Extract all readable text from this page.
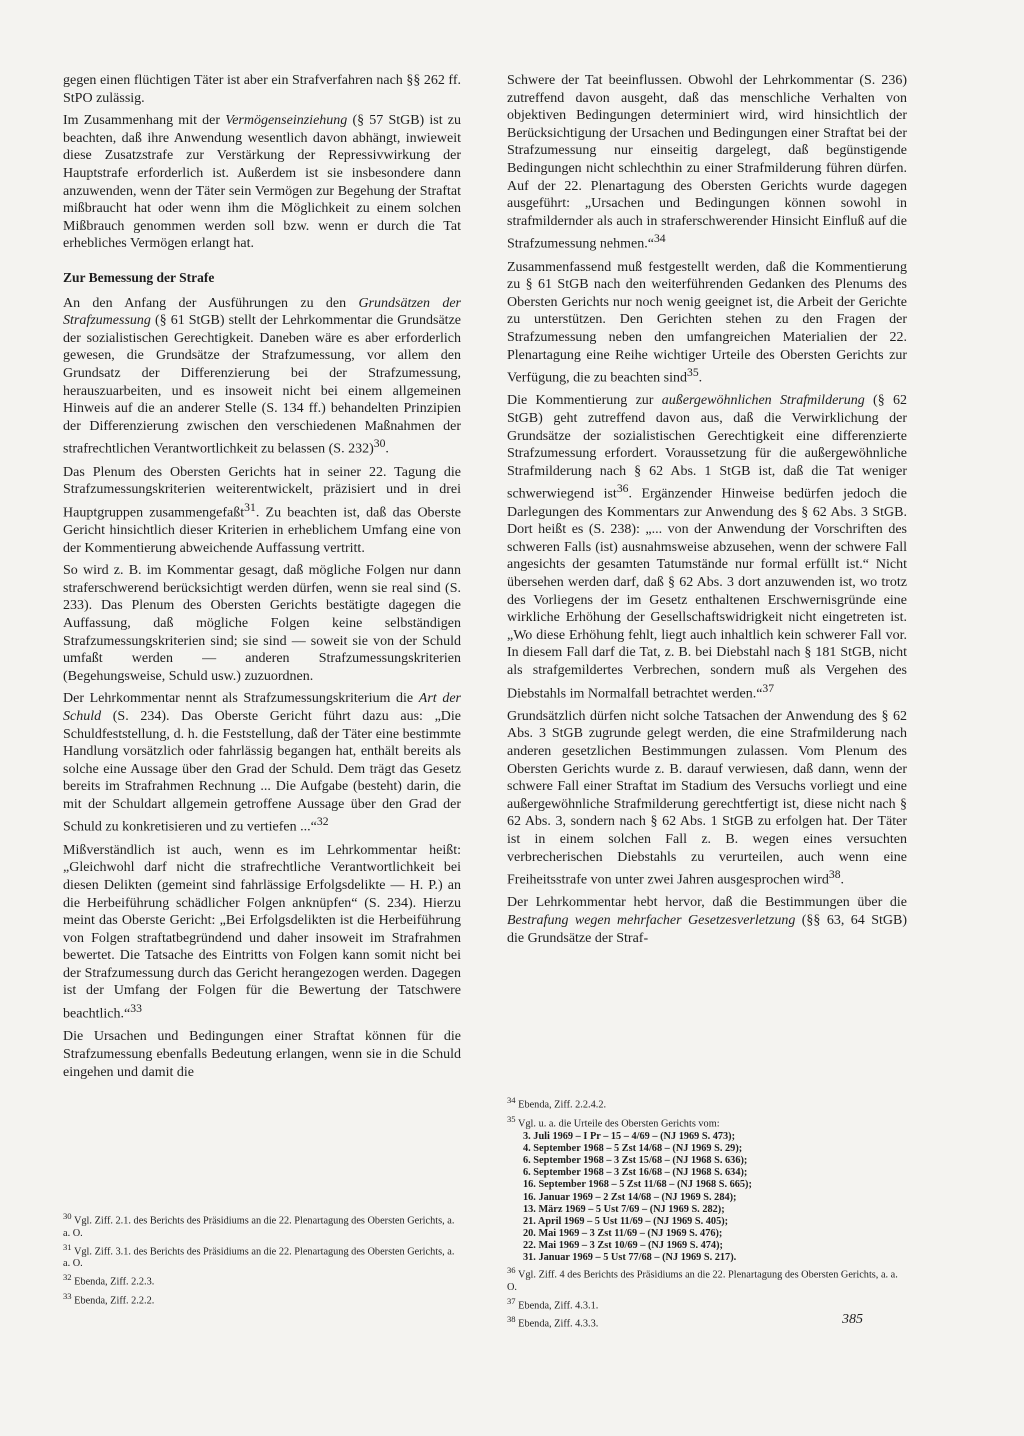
gegen einen flüchtigen Täter ist aber ein Strafverfahren nach §§ 262 ff. StPO zulässig.

Im Zusammenhang mit der Vermögenseinziehung (§ 57 StGB) ist zu beachten, daß ihre Anwendung wesentlich davon abhängt, inwieweit diese Zusatzstrafe zur Verstärkung der Repressivwirkung der Hauptstrafe erforderlich ist. Außerdem ist sie insbesondere dann anzuwenden, wenn der Täter sein Vermögen zur Begehung der Straftat mißbraucht hat oder wenn ihm die Möglichkeit zu einem solchen Mißbrauch genommen werden soll bzw. wenn er durch die Tat erhebliches Vermögen erlangt hat.

Zur Bemessung der Strafe

An den Anfang der Ausführungen zu den Grundsätzen der Strafzumessung (§ 61 StGB) stellt der Lehrkommentar die Grundsätze der sozialistischen Gerechtigkeit. Daneben wäre es aber erforderlich gewesen, die Grundsätze der Strafzumessung, vor allem den Grundsatz der Differenzierung bei der Strafzumessung, herauszuarbeiten, und es insoweit nicht bei einem allgemeinen Hinweis auf die an anderer Stelle (S. 134 ff.) behandelten Prinzipien der Differenzierung zwischen den verschiedenen Maßnahmen der strafrechtlichen Verantwortlichkeit zu belassen (S. 232)$^{30}$.

Das Plenum des Obersten Gerichts hat in seiner 22. Tagung die Strafzumessungskriterien weiterentwickelt, präzisiert und in drei Hauptgruppen zusammengefaßt$^{31}$. Zu beachten ist, daß das Oberste Gericht hinsichtlich dieser Kriterien in erheblichem Umfang eine von der Kommentierung abweichende Auffassung vertritt.

So wird z. B. im Kommentar gesagt, daß mögliche Folgen nur dann straferschwerend berücksichtigt werden dürfen, wenn sie real sind (S. 233). Das Plenum des Obersten Gerichts bestätigte dagegen die Auffassung, daß mögliche Folgen keine selbständigen Strafzumessungskriterien sind; sie sind — soweit sie von der Schuld umfaßt werden — anderen Strafzumessungskriterien (Begehungsweise, Schuld usw.) zuzuordnen.

Der Lehrkommentar nennt als Strafzumessungskriterium die Art der Schuld (S. 234). Das Oberste Gericht führt dazu aus: „Die Schuldfeststellung, d. h. die Feststellung, daß der Täter eine bestimmte Handlung vorsätzlich oder fahrlässig begangen hat, enthält bereits als solche eine Aussage über den Grad der Schuld. Dem trägt das Gesetz bereits im Strafrahmen Rechnung ... Die Aufgabe (besteht) darin, die mit der Schuldart allgemein getroffene Aussage über den Grad der Schuld zu konkretisieren und zu vertiefen ...“$^{32}$

Mißverständlich ist auch, wenn es im Lehrkommentar heißt: „Gleichwohl darf nicht die strafrechtliche Verantwortlichkeit bei diesen Delikten (gemeint sind fahrlässige Erfolgsdelikte — H. P.) an die Herbeiführung schädlicher Folgen anknüpfen“ (S. 234). Hierzu meint das Oberste Gericht: „Bei Erfolgsdelikten ist die Herbeiführung von Folgen straftatbegründend und daher insoweit im Strafrahmen bewertet. Die Tatsache des Eintritts von Folgen kann somit nicht bei der Strafzumessung durch das Gericht herangezogen werden. Dagegen ist der Umfang der Folgen für die Bewertung der Tatschwere beachtlich.“$^{33}$

Die Ursachen und Bedingungen einer Straftat können für die Strafzumessung ebenfalls Bedeutung erlangen, wenn sie in die Schuld eingehen und damit die

Schwere der Tat beeinflussen. Obwohl der Lehrkommentar (S. 236) zutreffend davon ausgeht, daß das menschliche Verhalten von objektiven Bedingungen determiniert wird, wird hinsichtlich der Berücksichtigung der Ursachen und Bedingungen einer Straftat bei der Strafzumessung nur einseitig dargelegt, daß begünstigende Bedingungen nicht schlechthin zu einer Strafmilderung führen dürfen. Auf der 22. Plenartagung des Obersten Gerichts wurde dagegen ausgeführt: „Ursachen und Bedingungen können sowohl in strafmildernder als auch in straferschwerender Hinsicht Einfluß auf die Strafzumessung nehmen.“$^{34}$

Zusammenfassend muß festgestellt werden, daß die Kommentierung zu § 61 StGB nach den weiterführenden Gedanken des Plenums des Obersten Gerichts nur noch wenig geeignet ist, die Arbeit der Gerichte zu unterstützen. Den Gerichten stehen zu den Fragen der Strafzumessung neben den umfangreichen Materialien der 22. Plenartagung eine Reihe wichtiger Urteile des Obersten Gerichts zur Verfügung, die zu beachten sind$^{35}$.

Die Kommentierung zur außergewöhnlichen Strafmilderung (§ 62 StGB) geht zutreffend davon aus, daß die Verwirklichung der Grundsätze der sozialistischen Gerechtigkeit eine differenzierte Strafzumessung erfordert. Voraussetzung für die außergewöhnliche Strafmilderung nach § 62 Abs. 1 StGB ist, daß die Tat weniger schwerwiegend ist$^{36}$. Ergänzender Hinweise bedürfen jedoch die Darlegungen des Kommentars zur Anwendung des § 62 Abs. 3 StGB. Dort heißt es (S. 238): „... von der Anwendung der Vorschriften des schweren Falls (ist) ausnahmsweise abzusehen, wenn der schwere Fall angesichts der gesamten Tatumstände nur formal erfüllt ist.“ Nicht übersehen werden darf, daß § 62 Abs. 3 dort anzuwenden ist, wo trotz des Vorliegens der im Gesetz enthaltenen Erschwernisgründe eine wirkliche Erhöhung der Gesellschaftswidrigkeit nicht eingetreten ist. „Wo diese Erhöhung fehlt, liegt auch inhaltlich kein schwerer Fall vor. In diesem Fall darf die Tat, z. B. bei Diebstahl nach § 181 StGB, nicht als strafgemildertes Verbrechen, sondern muß als Vergehen des Diebstahls im Normalfall betrachtet werden.“$^{37}$

Grundsätzlich dürfen nicht solche Tatsachen der Anwendung des § 62 Abs. 3 StGB zugrunde gelegt werden, die eine Strafmilderung nach anderen gesetzlichen Bestimmungen zulassen. Vom Plenum des Obersten Gerichts wurde z. B. darauf verwiesen, daß dann, wenn der schwere Fall einer Straftat im Stadium des Versuchs vorliegt und eine außergewöhnliche Strafmilderung gerechtfertigt ist, diese nicht nach § 62 Abs. 3, sondern nach § 62 Abs. 1 StGB zu erfolgen hat. Der Täter ist in einem solchen Fall z. B. wegen eines versuchten verbrecherischen Diebstahls zu verurteilen, auch wenn eine Freiheitsstrafe von unter zwei Jahren ausgesprochen wird$^{38}$.

Der Lehrkommentar hebt hervor, daß die Bestimmungen über die Bestrafung wegen mehrfacher Gesetzesverletzung (§§ 63, 64 StGB) die Grundsätze der Straf-

$^{30}$ Vgl. Ziff. 2.1. des Berichts des Präsidiums an die 22. Plenartagung des Obersten Gerichts, a. a. O.

$^{31}$ Vgl. Ziff. 3.1. des Berichts des Präsidiums an die 22. Plenartagung des Obersten Gerichts, a. a. O.

$^{32}$ Ebenda, Ziff. 2.2.3.

$^{33}$ Ebenda, Ziff. 2.2.2.

$^{34}$ Ebenda, Ziff. 2.2.4.2.

$^{35}$ Vgl. u. a. die Urteile des Obersten Gerichts vom:

3. Juli 1969 – I Pr – 15 – 4/69 – (NJ 1969 S. 473);

4. September 1968 – 5 Zst 14/68 – (NJ 1969 S. 29);

6. September 1968 – 3 Zst 15/68 – (NJ 1968 S. 636);

6. September 1968 – 3 Zst 16/68 – (NJ 1968 S. 634);

16. September 1968 – 5 Zst 11/68 – (NJ 1968 S. 665);

16. Januar 1969 – 2 Zst 14/68 – (NJ 1969 S. 284);

13. März 1969 – 5 Ust 7/69 – (NJ 1969 S. 282);

21. April 1969 – 5 Ust 11/69 – (NJ 1969 S. 405);

20. Mai 1969 – 3 Zst 11/69 – (NJ 1969 S. 476);

22. Mai 1969 – 3 Zst 10/69 – (NJ 1969 S. 474);

31. Januar 1969 – 5 Ust 77/68 – (NJ 1969 S. 217).

$^{36}$ Vgl. Ziff. 4 des Berichts des Präsidiums an die 22. Plenartagung des Obersten Gerichts, a. a. O.

$^{37}$ Ebenda, Ziff. 4.3.1.

$^{38}$ Ebenda, Ziff. 4.3.3.	385
